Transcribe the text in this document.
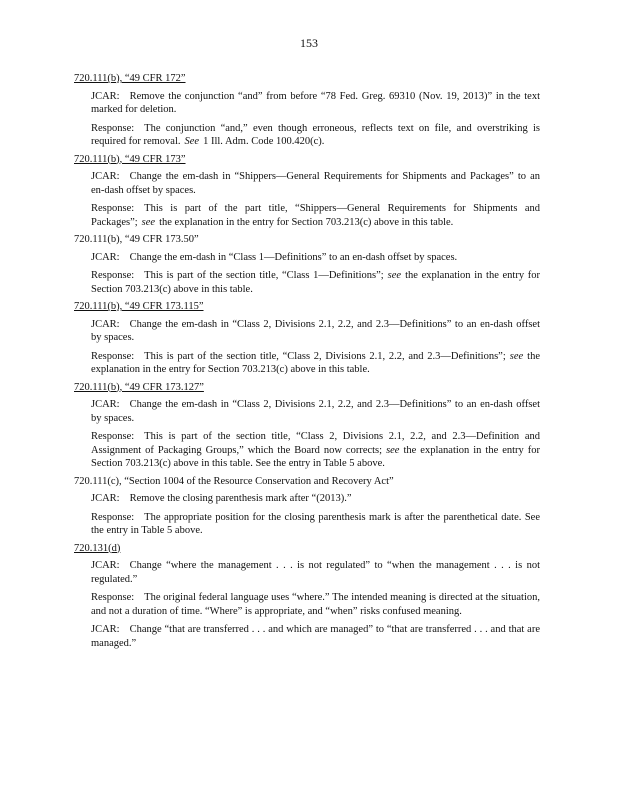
153
720.111(b), “49 CFR 172”

JCAR: Remove the conjunction “and” from before “78 Fed. Greg. 69310 (Nov. 19, 2013)” in the text marked for deletion.

Response: The conjunction “and,” even though erroneous, reflects text on file, and overstriking is required for removal. See 1 Ill. Adm. Code 100.420(c).

720.111(b), “49 CFR 173”

JCAR: Change the em-dash in “Shippers—General Requirements for Shipments and Packages” to an en-dash offset by spaces.

Response: This is part of the part title, “Shippers—General Requirements for Shipments and Packages”; see the explanation in the entry for Section 703.213(c) above in this table.

720.111(b), “49 CFR 173.50”

JCAR: Change the em-dash in “Class 1—Definitions” to an en-dash offset by spaces.

Response: This is part of the section title, “Class 1—Definitions”; see the explanation in the entry for Section 703.213(c) above in this table.

720.111(b), “49 CFR 173.115”

JCAR: Change the em-dash in “Class 2, Divisions 2.1, 2.2, and 2.3—Definitions” to an en-dash offset by spaces.

Response: This is part of the section title, “Class 2, Divisions 2.1, 2.2, and 2.3—Definitions”; see the explanation in the entry for Section 703.213(c) above in this table.

720.111(b), “49 CFR 173.127”

JCAR: Change the em-dash in “Class 2, Divisions 2.1, 2.2, and 2.3—Definitions” to an en-dash offset by spaces.

Response: This is part of the section title, “Class 2, Divisions 2.1, 2.2, and 2.3—Definition and Assignment of Packaging Groups,” which the Board now corrects; see the explanation in the entry for Section 703.213(c) above in this table. See the entry in Table 5 above.

720.111(c), “Section 1004 of the Resource Conservation and Recovery Act”

JCAR: Remove the closing parenthesis mark after “(2013).”

Response: The appropriate position for the closing parenthesis mark is after the parenthetical date. See the entry in Table 5 above.

720.131(d)

JCAR: Change “where the management . . . is not regulated” to “when the management . . . is not regulated.”

Response: The original federal language uses “where.” The intended meaning is directed at the situation, and not a duration of time. “Where” is appropriate, and “when” risks confused meaning.

JCAR: Change “that are transferred . . . and which are managed” to “that are transferred . . . and that are managed.”
